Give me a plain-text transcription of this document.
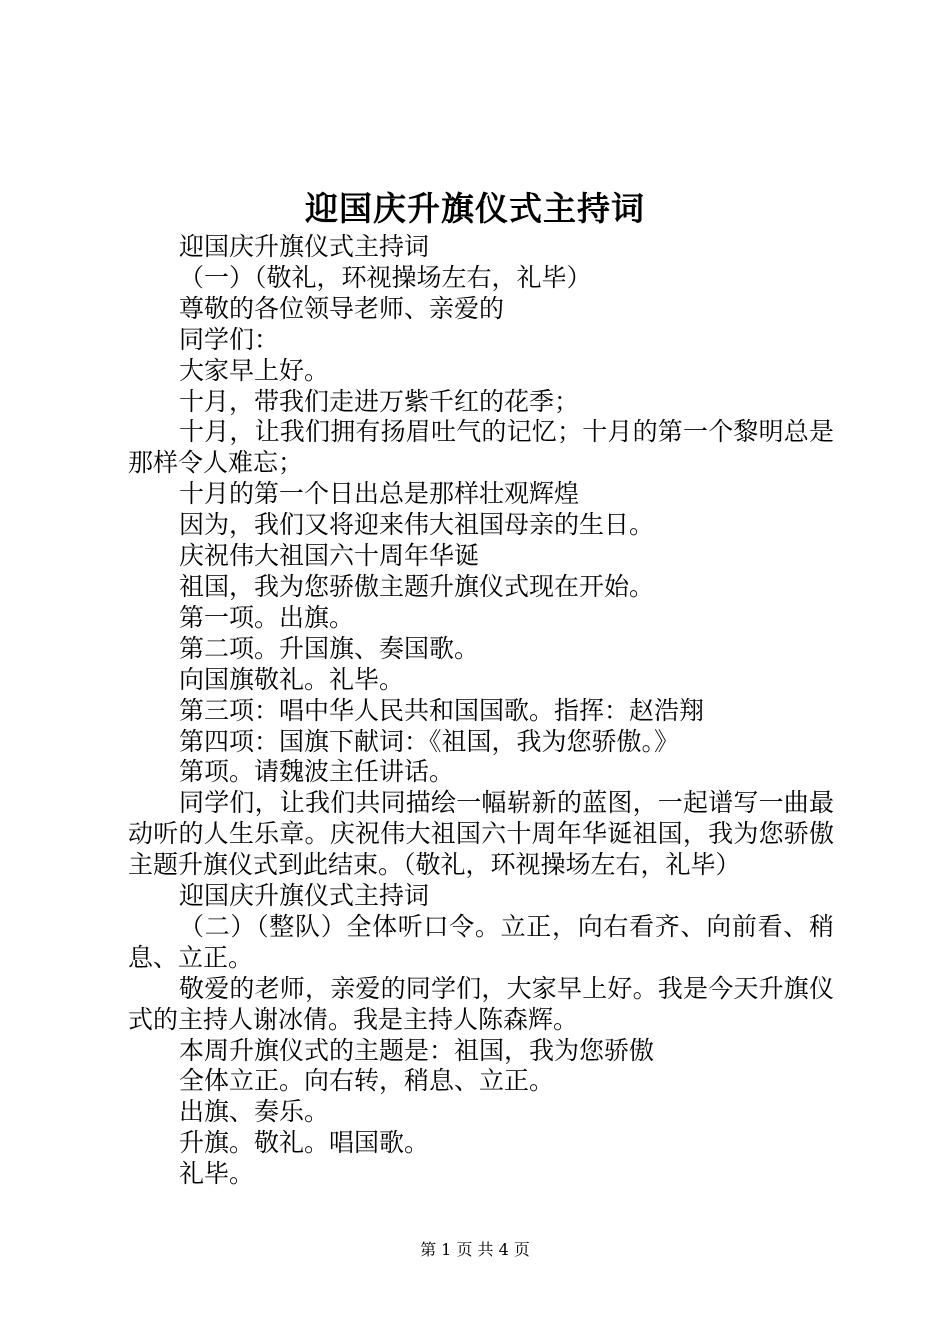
迎国庆升旗仪式主持词

迎国庆升旗仪式主持词

（一）（敬礼，环视操场左右，礼毕）

尊敬的各位领导老师、亲爱的

同学们：

大家早上好。

十月，带我们走进万紫千红的花季；

十月，让我们拥有扬眉吐气的记忆；十月的第一个黎明总是那样令人难忘；

十月的第一个日出总是那样壮观辉煌

因为，我们又将迎来伟大祖国母亲的生日。

庆祝伟大祖国六十周年华诞

祖国，我为您骄傲主题升旗仪式现在开始。

第一项。出旗。

第二项。升国旗、奏国歌。

向国旗敬礼。礼毕。

第三项：唱中华人民共和国国歌。指挥：赵浩翔

第四项：国旗下献词：《祖国，我为您骄傲。》

第项。请魏波主任讲话。

同学们，让我们共同描绘一幅崭新的蓝图，一起谱写一曲最动听的人生乐章。庆祝伟大祖国六十周年华诞祖国，我为您骄傲主题升旗仪式到此结束。（敬礼，环视操场左右，礼毕）

迎国庆升旗仪式主持词

（二）（整队）全体听口令。立正，向右看齐、向前看、稍息、立正。

敬爱的老师，亲爱的同学们，大家早上好。我是今天升旗仪式的主持人谢冰倩。我是主持人陈森辉。

本周升旗仪式的主题是：祖国，我为您骄傲

全体立正。向右转，稍息、立正。

出旗、奏乐。

升旗。敬礼。唱国歌。

礼毕。

第 1 页 共 4 页
